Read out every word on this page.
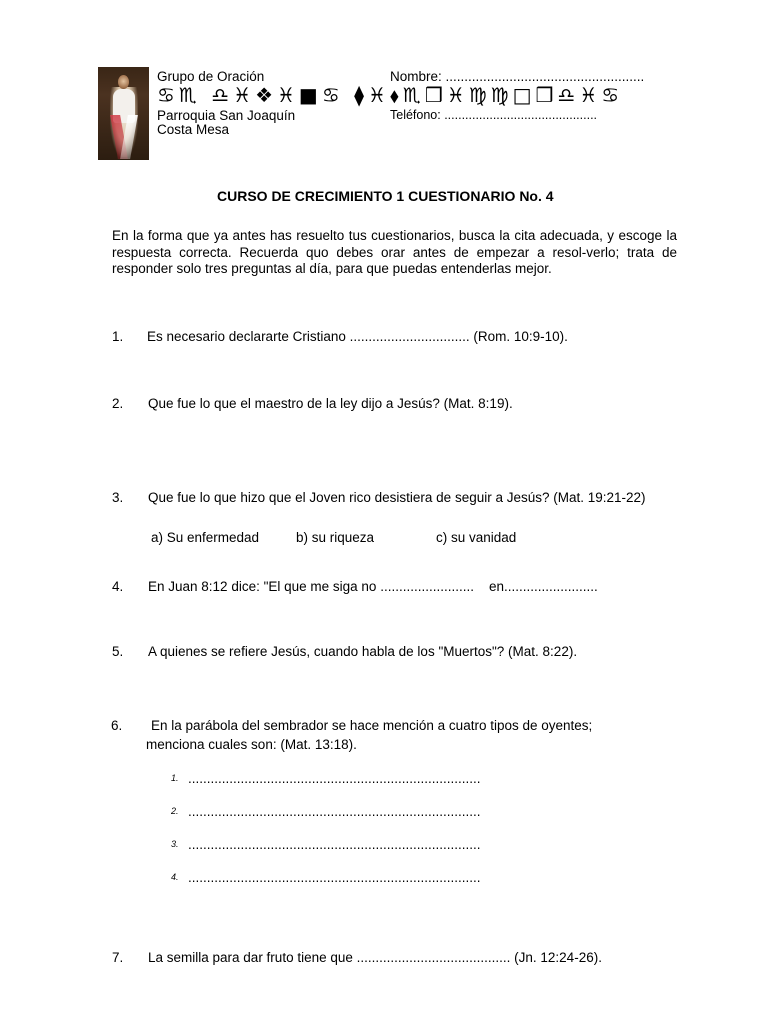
Grupo de Oración
♋♏ ♎♓❖♓■♋ ⧫♓⬧♏❒♓♍♍□❒♎♓♋
Parroquia San Joaquín
Costa Mesa
Nombre: .....................................................
Teléfono: ............................................
CURSO DE CRECIMIENTO 1 CUESTIONARIO No. 4
En la forma que ya antes has resuelto tus cuestionarios, busca la cita adecuada, y escoge la respuesta correcta. Recuerda quo debes orar antes de empezar a resol-verlo; trata de responder solo tres preguntas al día, para que puedas entenderlas mejor.
1. Es necesario declararte Cristiano ................................ (Rom. 10:9-10).
2. Que fue lo que el maestro de la ley dijo a Jesús? (Mat. 8:19).
3. Que fue lo que hizo que el Joven rico desistiera de seguir a Jesús? (Mat. 19:21-22)
a) Su enfermedad	b) su riqueza	c) su vanidad
4. En Juan 8:12 dice: "El que me siga no .........................    en.........................
5. A quienes se refiere Jesús, cuando habla de los "Muertos"? (Mat. 8:22).
6. En la parábola del sembrador se hace mención a cuatro tipos de oyentes;
menciona cuales son: (Mat. 13:18).
1. ..............................................................................
2. ..............................................................................
3. ..............................................................................
4. ..............................................................................
7. La semilla para dar fruto tiene que ......................................... (Jn. 12:24-26).
